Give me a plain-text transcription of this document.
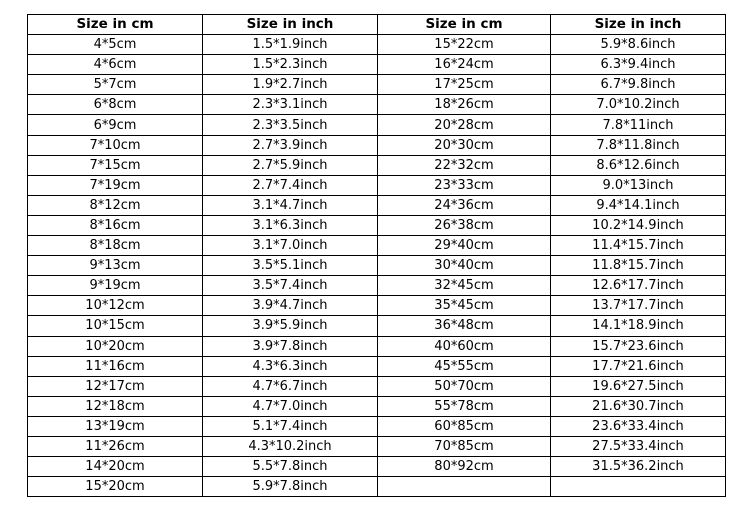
Size in cm	Size in inch	Size in cm	Size in inch
4*5cm	1.5*1.9inch	15*22cm	5.9*8.6inch
4*6cm	1.5*2.3inch	16*24cm	6.3*9.4inch
5*7cm	1.9*2.7inch	17*25cm	6.7*9.8inch
6*8cm	2.3*3.1inch	18*26cm	7.0*10.2inch
6*9cm	2.3*3.5inch	20*28cm	7.8*11inch
7*10cm	2.7*3.9inch	20*30cm	7.8*11.8inch
7*15cm	2.7*5.9inch	22*32cm	8.6*12.6inch
7*19cm	2.7*7.4inch	23*33cm	9.0*13inch
8*12cm	3.1*4.7inch	24*36cm	9.4*14.1inch
8*16cm	3.1*6.3inch	26*38cm	10.2*14.9inch
8*18cm	3.1*7.0inch	29*40cm	11.4*15.7inch
9*13cm	3.5*5.1inch	30*40cm	11.8*15.7inch
9*19cm	3.5*7.4inch	32*45cm	12.6*17.7inch
10*12cm	3.9*4.7inch	35*45cm	13.7*17.7inch
10*15cm	3.9*5.9inch	36*48cm	14.1*18.9inch
10*20cm	3.9*7.8inch	40*60cm	15.7*23.6inch
11*16cm	4.3*6.3inch	45*55cm	17.7*21.6inch
12*17cm	4.7*6.7inch	50*70cm	19.6*27.5inch
12*18cm	4.7*7.0inch	55*78cm	21.6*30.7inch
13*19cm	5.1*7.4inch	60*85cm	23.6*33.4inch
11*26cm	4.3*10.2inch	70*85cm	27.5*33.4inch
14*20cm	5.5*7.8inch	80*92cm	31.5*36.2inch
15*20cm	5.9*7.8inch		
